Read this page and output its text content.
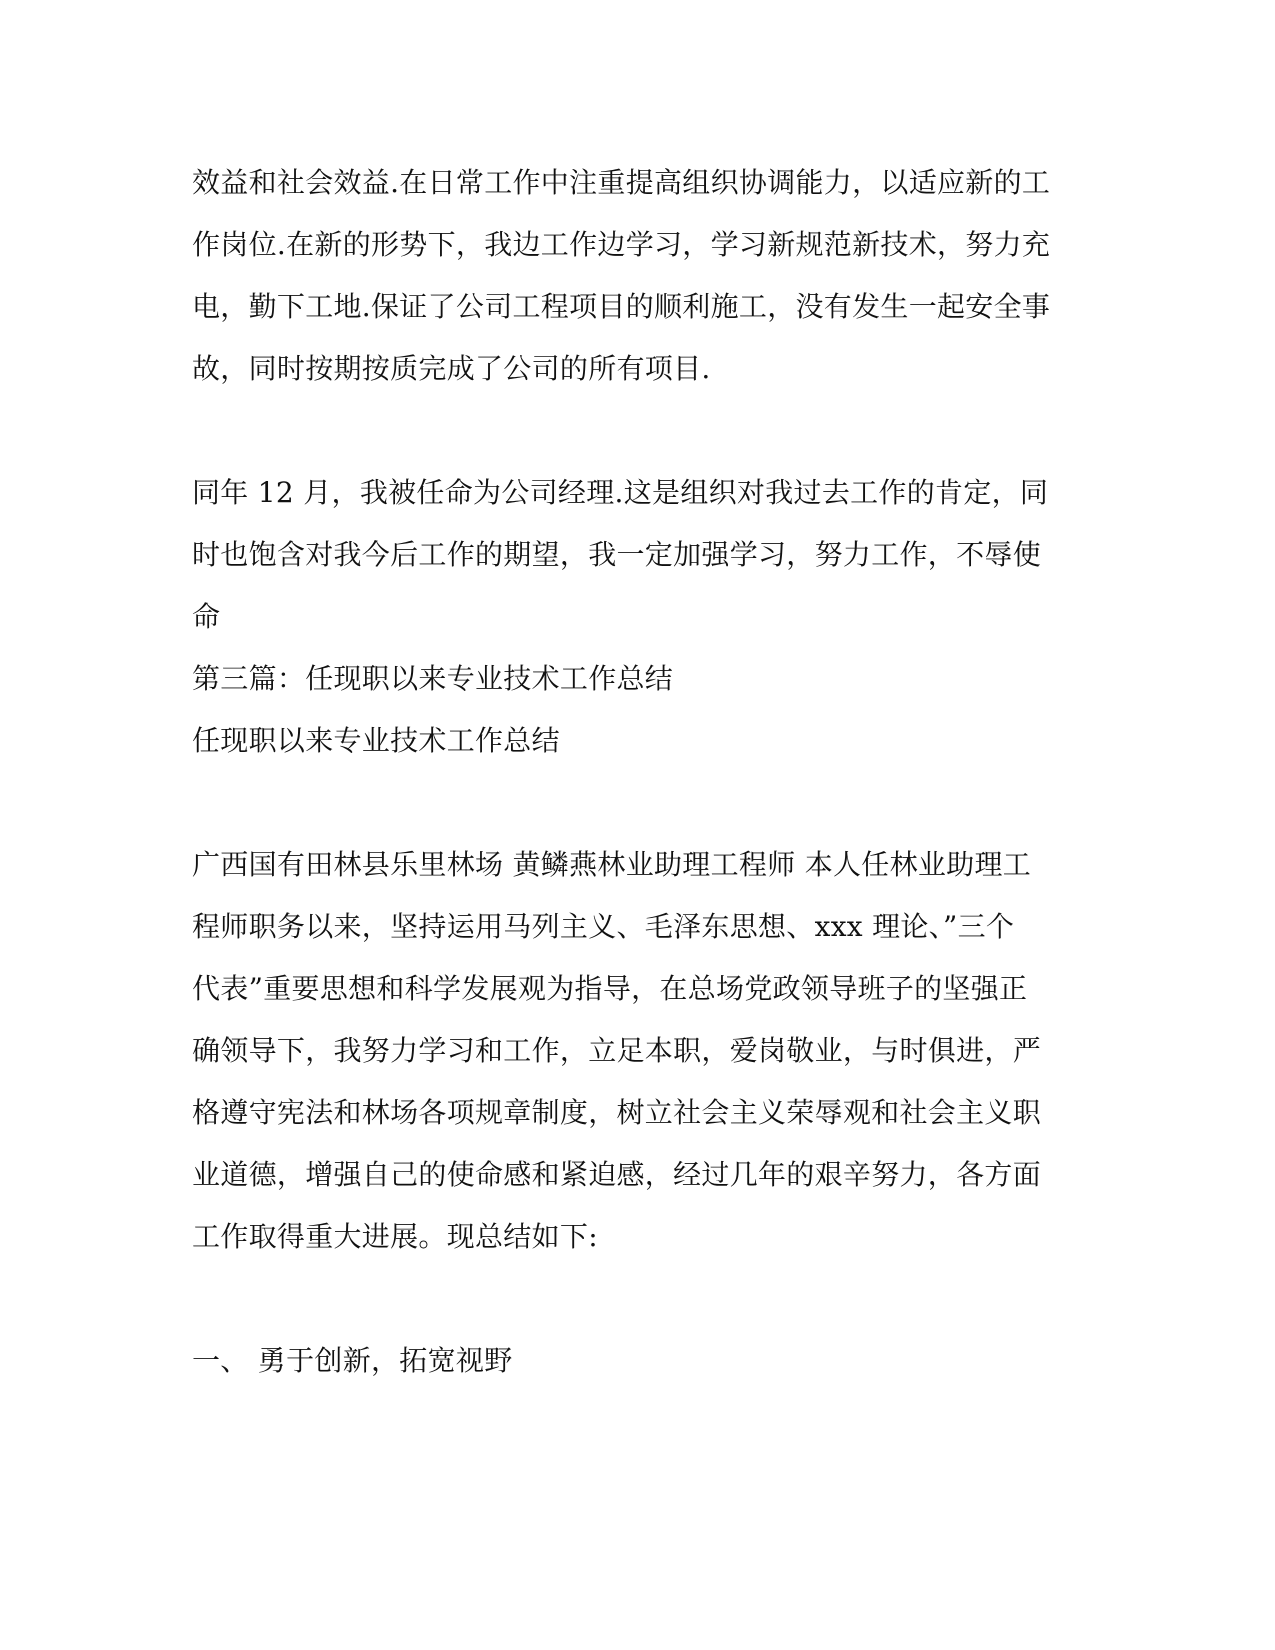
效益和社会效益.在日常工作中注重提高组织协调能力，以适应新的工
作岗位.在新的形势下，我边工作边学习，学习新规范新技术，努力充
电，勤下工地.保证了公司工程项目的顺利施工，没有发生一起安全事
故，同时按期按质完成了公司的所有项目.
同年 12 月，我被任命为公司经理.这是组织对我过去工作的肯定，同
时也饱含对我今后工作的期望，我一定加强学习，努力工作，不辱使
命
第三篇：任现职以来专业技术工作总结
任现职以来专业技术工作总结
广西国有田林县乐里林场 黄鳞燕林业助理工程师 本人任林业助理工
程师职务以来，坚持运用马列主义、毛泽东思想、xxx 理论、”三个
代表”重要思想和科学发展观为指导，在总场党政领导班子的坚强正
确领导下，我努力学习和工作，立足本职，爱岗敬业，与时俱进，严
格遵守宪法和林场各项规章制度，树立社会主义荣辱观和社会主义职
业道德，增强自己的使命感和紧迫感，经过几年的艰辛努力，各方面
工作取得重大进展。现总结如下:
一、 勇于创新，拓宽视野
